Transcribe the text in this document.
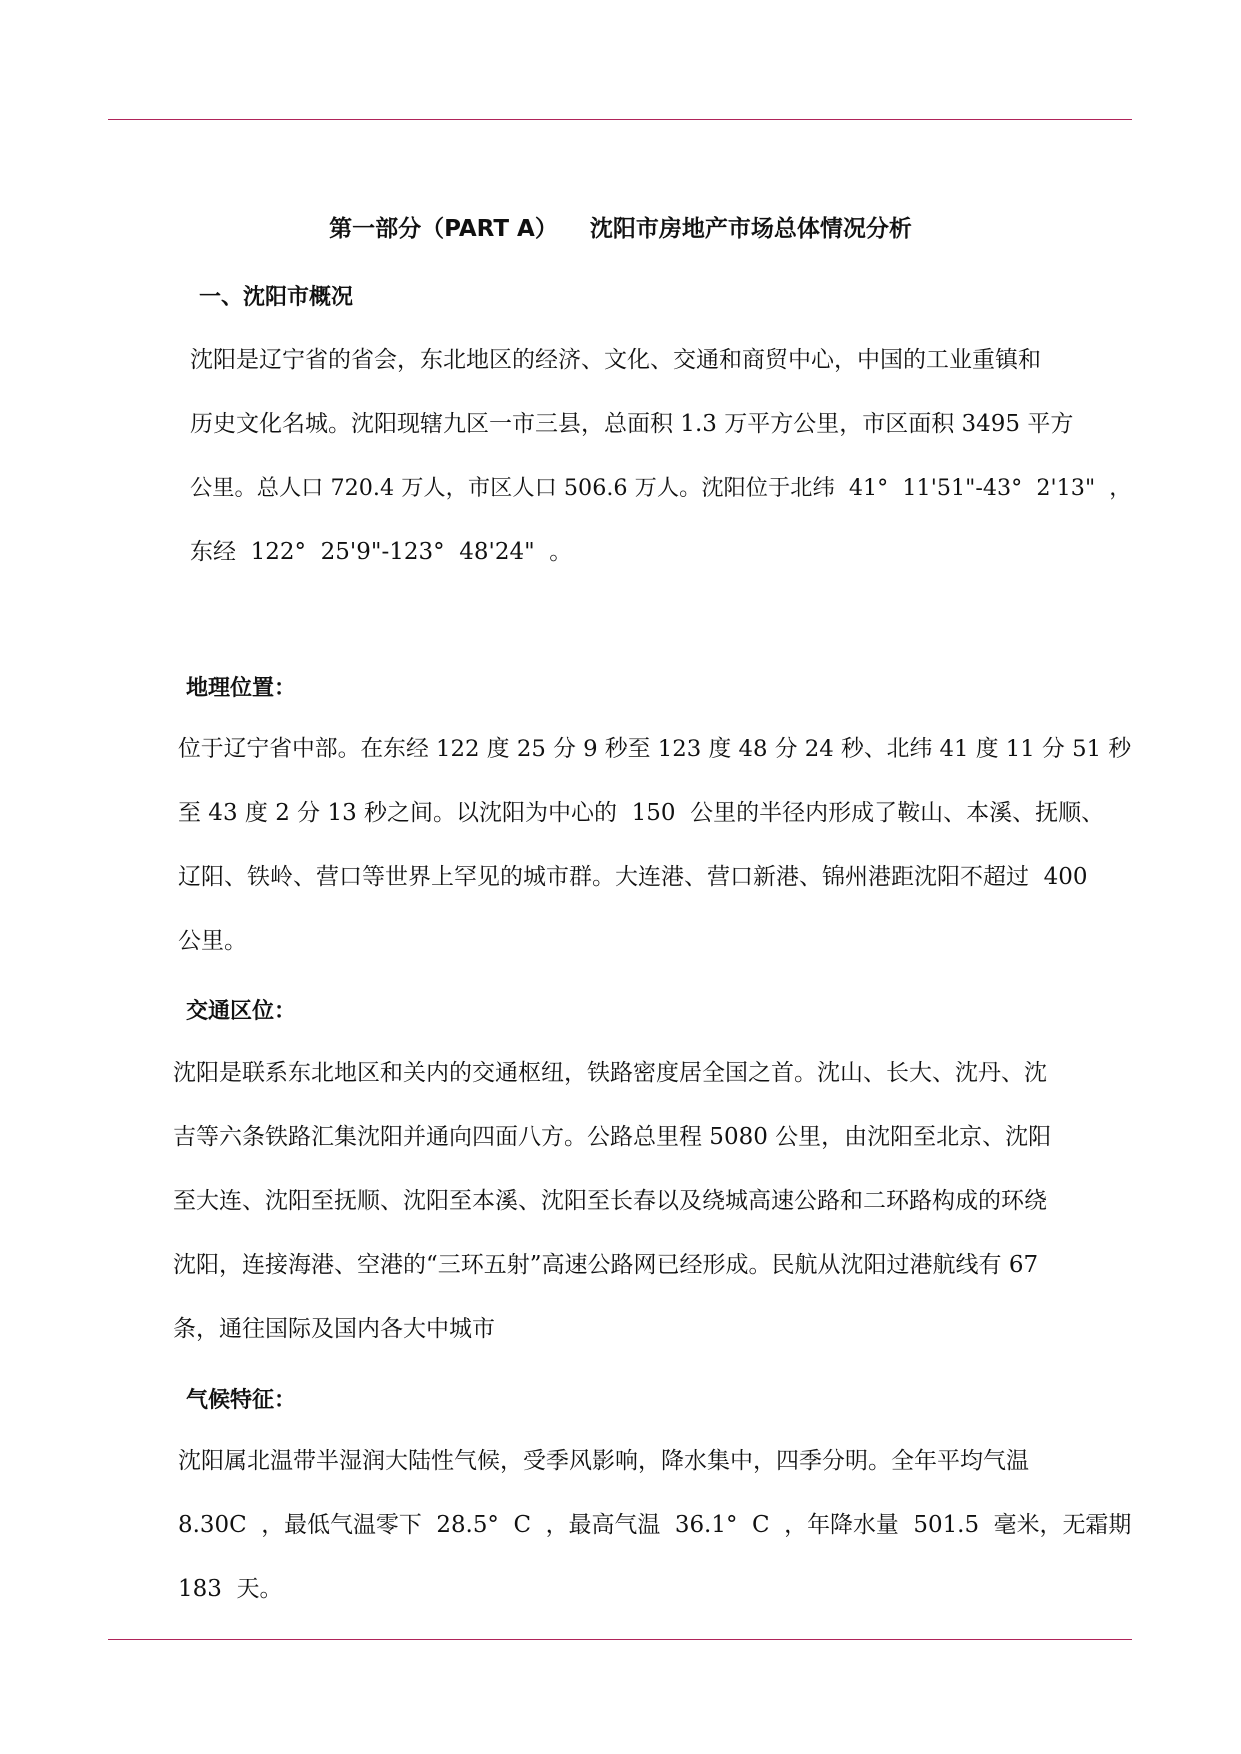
第一部分（PART A）    沈阳市房地产市场总体情况分析
一、沈阳市概况
沈阳是辽宁省的省会，东北地区的经济、文化、交通和商贸中心，中国的工业重镇和
历史文化名城。沈阳现辖九区一市三县，总面积 1.3 万平方公里，市区面积 3495 平方
公里。总人口 720.4 万人，市区人口 506.6 万人。沈阳位于北纬  41°  11'51"-43°  2'13"  ，
东经  122°  25'9"-123°  48'24"  。
地理位置：
位于辽宁省中部。在东经 122 度 25 分 9 秒至 123 度 48 分 24 秒、北纬 41 度 11 分 51 秒
至 43 度 2 分 13 秒之间。以沈阳为中心的  150  公里的半径内形成了鞍山、本溪、抚顺、
辽阳、铁岭、营口等世界上罕见的城市群。大连港、营口新港、锦州港距沈阳不超过  400
公里。
交通区位：
沈阳是联系东北地区和关内的交通枢纽，铁路密度居全国之首。沈山、长大、沈丹、沈
吉等六条铁路汇集沈阳并通向四面八方。公路总里程 5080 公里，由沈阳至北京、沈阳
至大连、沈阳至抚顺、沈阳至本溪、沈阳至长春以及绕城高速公路和二环路构成的环绕
沈阳，连接海港、空港的“三环五射”高速公路网已经形成。民航从沈阳过港航线有 67
条，通往国际及国内各大中城市
气候特征：
沈阳属北温带半湿润大陆性气候，受季风影响，降水集中，四季分明。全年平均气温
8.30C  ，最低气温零下  28.5°  C  ，最高气温  36.1°  C  ，年降水量  501.5  毫米，无霜期
183  天。
